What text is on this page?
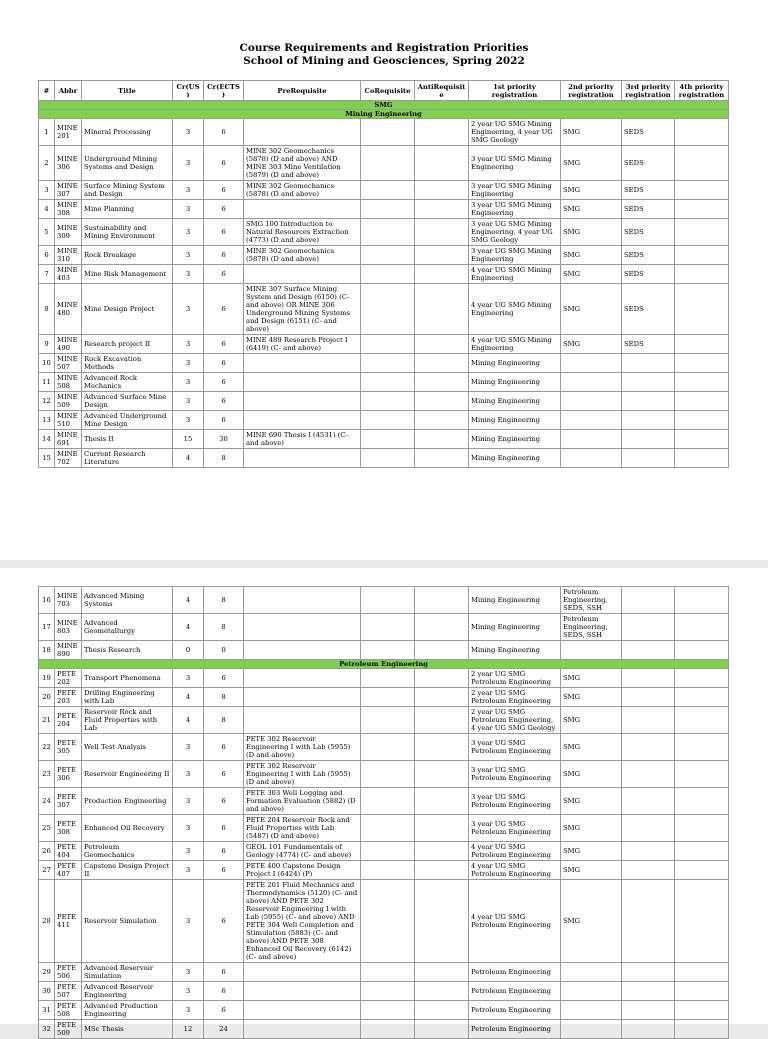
Course Requirements and Registration Priorities
School of Mining and Geosciences, Spring 2022
#	Abbr	Title	Cr(US)	Cr(ECTS)	PreRequisite	CoRequisite	AntiRequisite	1st priority registration	2nd priority registration	3rd priority registration	4th priority registration
SMG											
Mining Engineering											
1	MINE 201	Mineral Processing	3	6				2 year UG SMG Mining Engineering, 4 year UG SMG Geology	SMG	SEDS	
2	MINE 306	Underground Mining Systems and Design	3	6	MINE 302 Geomechanics (5878) (D and above) AND MINE 303 Mine Ventilation (5879) (D and above)			3 year UG SMG Mining Engineering	SMG	SEDS	
3	MINE 307	Surface Mining System and Design	3	6	MINE 302 Geomechanics (5878) (D and above)			3 year UG SMG Mining Engineering	SMG	SEDS	
4	MINE 308	Mine Planning	3	6				3 year UG SMG Mining Engineering	SMG	SEDS	
5	MINE 309	Sustainability and Mining Environment	3	6	SMG 100 Introduction to Natural Resources Extraction (4773) (D and above)			3 year UG SMG Mining Engineering, 4 year UG SMG Geology	SMG	SEDS	
6	MINE 310	Rock Breakage	3	6	MINE 302 Geomechanics (5878) (D and above)			3 year UG SMG Mining Engineering	SMG	SEDS	
7	MINE 403	Mine Risk Management	3	6				4 year UG SMG Mining Engineering	SMG	SEDS	
8	MINE 480	Mine Design Project	3	6	MINE 307 Surface Mining System and Design (6150) (C- and above) OR MINE 306 Underground Mining Systems and Design (6151) (C- and above)			4 year UG SMG Mining Engineering	SMG	SEDS	
9	MINE 490	Research project II	3	6	MINE 489 Research Project I (6419) (C- and above)			4 year UG SMG Mining Engineering	SMG	SEDS	
10	MINE 507	Rock Excavation Methods	3	6				Mining Engineering			
11	MINE 508	Advanced Rock Mechanics	3	6				Mining Engineering			
12	MINE 509	Advanced Surface Mine Design	3	6				Mining Engineering			
13	MINE 510	Advanced Underground Mine Design	3	6				Mining Engineering			
14	MINE 691	Thesis II	15	30	MINE 690 Thesis I (4531) (C- and above)			Mining Engineering			
15	MINE 702	Current Research Literature	4	8				Mining Engineering			
16	MINE 703	Advanced Mining Systems	4	8				Mining Engineering	Petroleum Engineering, SEDS, SSH		
17	MINE 803	Advanced Geometallurgy	4	8				Mining Engineering	Petroleum Engineering, SEDS, SSH		
18	MINE 890	Thesis Research	0	0				Mining Engineering			
Petroleum Engineering											
19	PETE 202	Transport Phenomena	3	6				2 year UG SMG Petroleum Engineering	SMG		
20	PETE 203	Drilling Engineering with Lab	4	8				2 year UG SMG Petroleum Engineering	SMG		
21	PETE 204	Reservoir Rock and Fluid Properties with Lab	4	8				2 year UG SMG Petroleum Engineering, 4 year UG SMG Geology	SMG		
22	PETE 305	Well Test Analysis	3	6	PETE 302 Reservoir Engineering I with Lab (5955) (D and above)			3 year UG SMG Petroleum Engineering	SMG		
23	PETE 306	Reservoir Engineering II	3	6	PETE 302 Reservoir Engineering I with Lab (5955) (D and above)			3 year UG SMG Petroleum Engineering	SMG		
24	PETE 307	Production Engineering	3	6	PETE 303 Well Logging and Formation Evaluation (5882) (D and above)			3 year UG SMG Petroleum Engineering	SMG		
25	PETE 308	Enhanced Oil Recovery	3	6	PETE 204 Reservoir Rock and Fluid Properties with Lab (5487) (D and above)			3 year UG SMG Petroleum Engineering	SMG		
26	PETE 404	Petroleum Geomechanics	3	6	GEOL 101 Fundamentals of Geology (4774) (C- and above)			4 year UG SMG Petroleum Engineering	SMG		
27	PETE 407	Capstone Design Project II	3	6	PETE 400 Capstone Design Project I (6424) (P)			4 year UG SMG Petroleum Engineering	SMG		
28	PETE 411	Reservoir Simulation	3	6	PETE 201 Fluid Mechanics and Thermodynamics (5120) (C- and above) AND PETE 302 Reservoir Engineering I with Lab (5955) (C- and above) AND PETE 304 Well Completion and Stimulation (5883) (C- and above) AND PETE 308 Enhanced Oil Recovery (6142) (C- and above)			4 year UG SMG Petroleum Engineering	SMG		
29	PETE 506	Advanced Reservoir Simulation	3	6				Petroleum Engineering			
30	PETE 507	Advanced Reservoir Engineering	3	6				Petroleum Engineering			
31	PETE 508	Advanced Production Engineering	3	6				Petroleum Engineering			
32	PETE 509	MSc Thesis	12	24				Petroleum Engineering			
